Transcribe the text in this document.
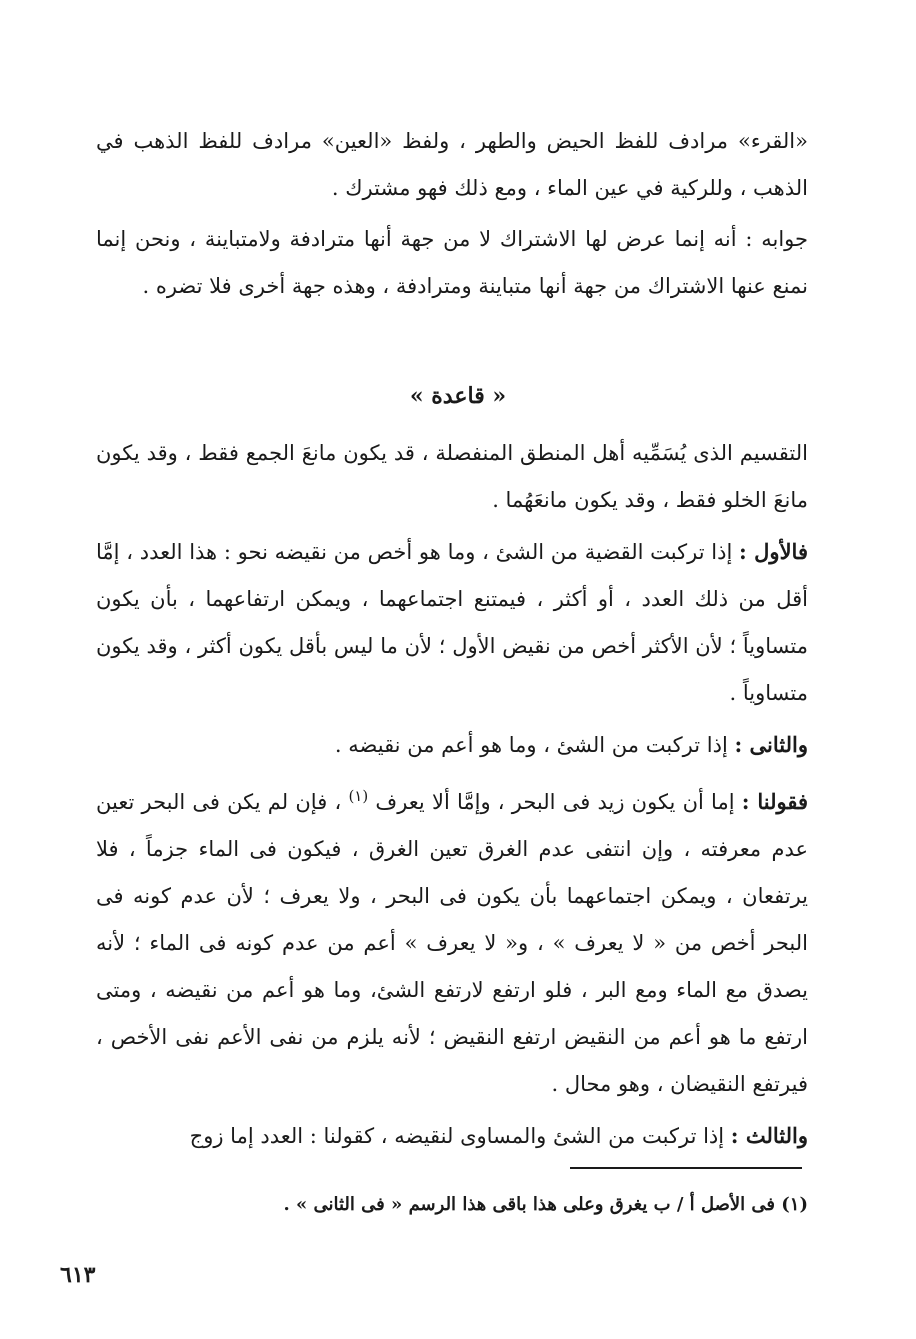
«القرء» مرادف للفظ الحيض والطهر ، ولفظ «العين» مرادف للفظ الذهب في الذهب ، وللركية في عين الماء ، ومع ذلك فهو مشترك .

جوابه : أنه إنما عرض لها الاشتراك لا من جهة أنها مترادفة ولامتباينة ، ونحن إنما نمنع عنها الاشتراك من جهة أنها متباينة ومترادفة ، وهذه جهة أخرى فلا تضره .

« قاعدة »

التقسيم الذى يُسَمِّيه أهل المنطق المنفصلة ، قد يكون مانعَ الجمع فقط ، وقد يكون مانعَ الخلو فقط ، وقد يكون مانعَهُما .

فالأول : إذا تركبت القضية من الشئ ، وما هو أخص من نقيضه نحو : هذا العدد ، إمَّا أقل من ذلك العدد ، أو أكثر ، فيمتنع اجتماعهما ، ويمكن ارتفاعهما ، بأن يكون متساوياً ؛ لأن الأكثر أخص من نقيض الأول ؛ لأن ما ليس بأقل يكون أكثر ، وقد يكون متساوياً .

والثانى : إذا تركبت من الشئ ، وما هو أعم من نقيضه .

فقولنا : إما أن يكون زيد فى البحر ، وإمَّا ألا يعرف $^{(١)}$ ، فإن لم يكن فى البحر تعين عدم معرفته ، وإن انتفى عدم الغرق تعين الغرق ، فيكون فى الماء جزماً ، فلا يرتفعان ، ويمكن اجتماعهما بأن يكون فى البحر ، ولا يعرف ؛ لأن عدم كونه فى البحر أخص من « لا يعرف » ، و« لا يعرف » أعم من عدم كونه فى الماء ؛ لأنه يصدق مع الماء ومع البر ، فلو ارتفع لارتفع الشئ، وما هو أعم من نقيضه ، ومتى ارتفع ما هو أعم من النقيض ارتفع النقيض ؛ لأنه يلزم من نفى الأعم نفى الأخص ، فيرتفع النقيضان ، وهو محال .

والثالث : إذا تركبت من الشئ والمساوى لنقيضه ، كقولنا : العدد إما زوج

(١) فى الأصل أ / ب يغرق وعلى هذا باقى هذا الرسم « فى الثانى » .
٦١٣
